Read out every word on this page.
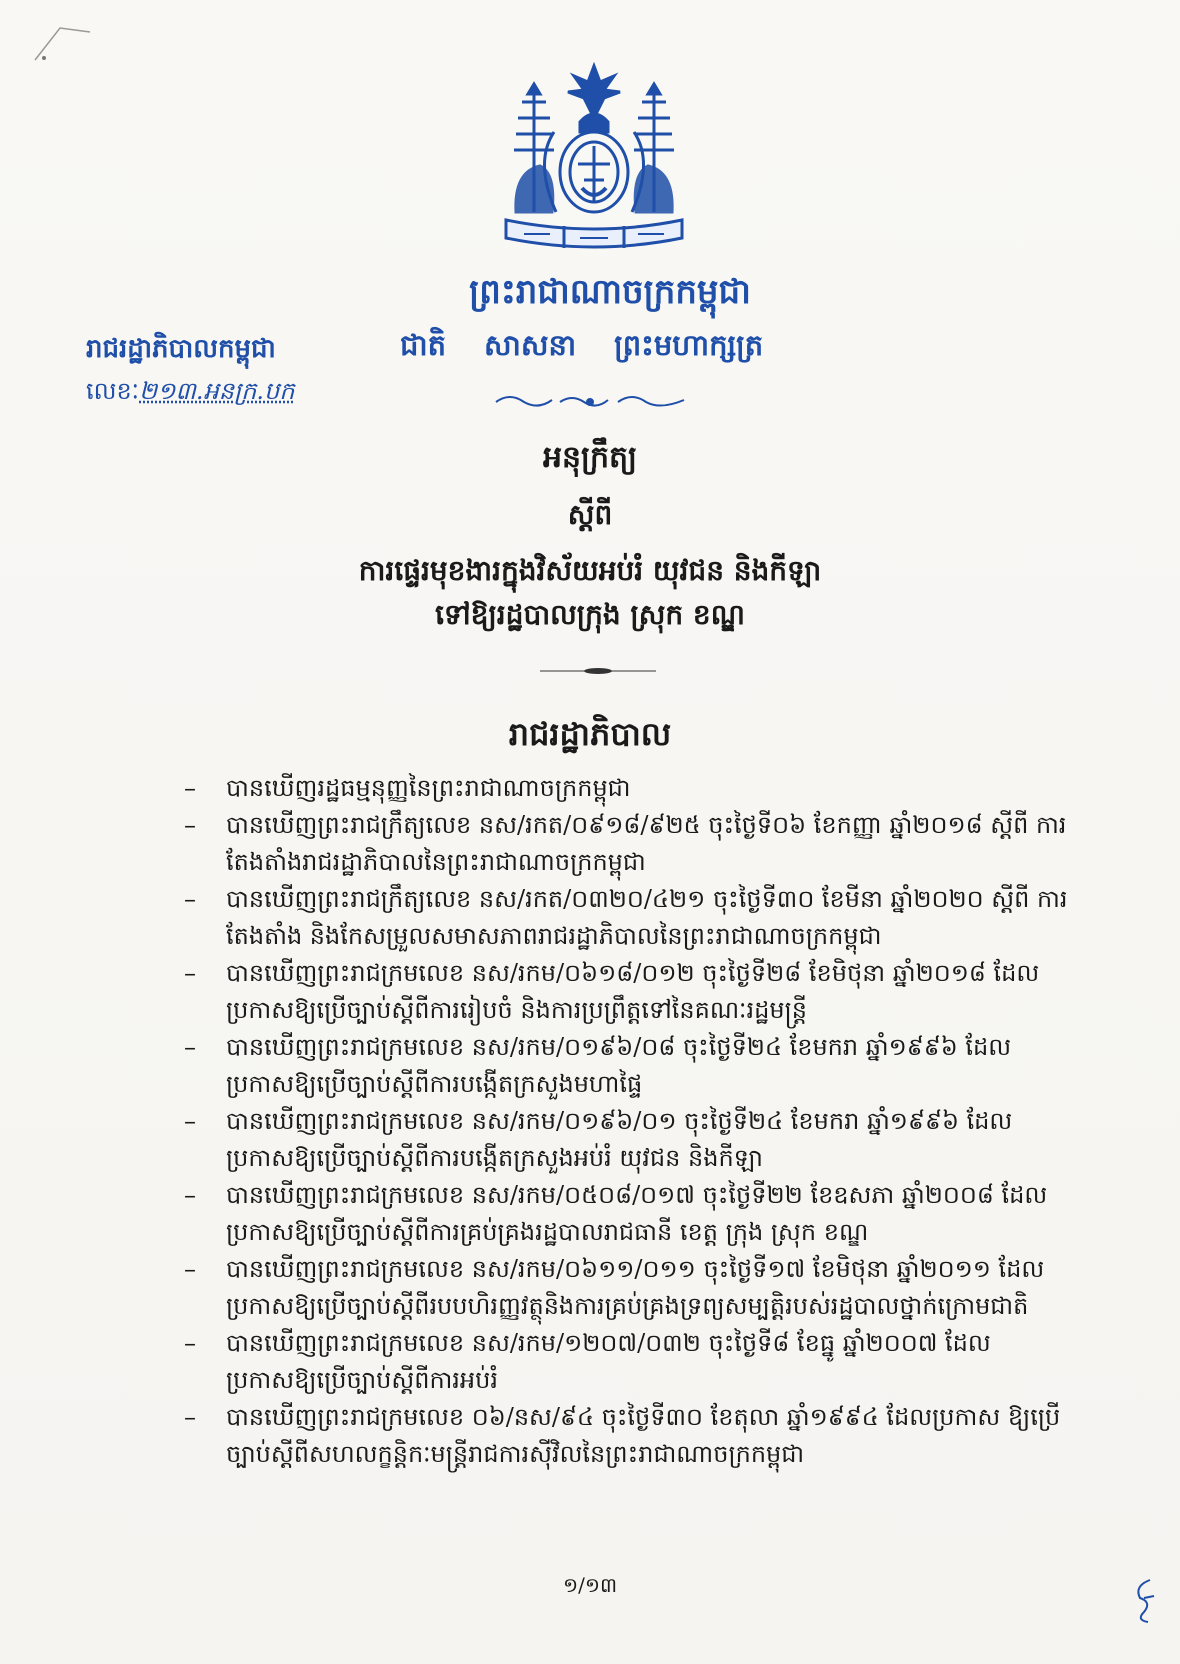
ព្រះរាជាណាចក្រកម្ពុជា
ជាតិ សាសនា ព្រះមហាក្សត្រ
រាជរដ្ឋាភិបាលកម្ពុជា
លេខៈ២១៣.អនក្រ.បក
អនុក្រឹត្យ
ស្តីពី
ការផ្ទេរមុខងារក្នុងវិស័យអប់រំ យុវជន និងកីឡា
ទៅឱ្យរដ្ឋបាលក្រុង ស្រុក ខណ្ឌ
រាជរដ្ឋាភិបាល
– បានឃើញរដ្ឋធម្មនុញ្ញនៃព្រះរាជាណាចក្រកម្ពុជា
– បានឃើញព្រះរាជក្រឹត្យលេខ នស/រកត/០៩១៨/៩២៥ ចុះថ្ងៃទី០៦ ខែកញ្ញា ឆ្នាំ២០១៨ ស្តីពី ការតែងតាំងរាជរដ្ឋាភិបាលនៃព្រះរាជាណាចក្រកម្ពុជា
– បានឃើញព្រះរាជក្រឹត្យលេខ នស/រកត/០៣២០/៤២១ ចុះថ្ងៃទី៣០ ខែមីនា ឆ្នាំ២០២០ ស្តីពី ការតែងតាំង និងកែសម្រួលសមាសភាពរាជរដ្ឋាភិបាលនៃព្រះរាជាណាចក្រកម្ពុជា
– បានឃើញព្រះរាជក្រមលេខ នស/រកម/០៦១៨/០១២ ចុះថ្ងៃទី២៨ ខែមិថុនា ឆ្នាំ២០១៨ ដែល ប្រកាសឱ្យប្រើច្បាប់ស្តីពីការរៀបចំ និងការប្រព្រឹត្តទៅនៃគណៈរដ្ឋមន្ត្រី
– បានឃើញព្រះរាជក្រមលេខ នស/រកម/០១៩៦/០៨ ចុះថ្ងៃទី២៤ ខែមករា ឆ្នាំ១៩៩៦ ដែល ប្រកាសឱ្យប្រើច្បាប់ស្តីពីការបង្កើតក្រសួងមហាផ្ទៃ
– បានឃើញព្រះរាជក្រមលេខ នស/រកម/០១៩៦/០១ ចុះថ្ងៃទី២៤ ខែមករា ឆ្នាំ១៩៩៦ ដែល ប្រកាសឱ្យប្រើច្បាប់ស្តីពីការបង្កើតក្រសួងអប់រំ យុវជន និងកីឡា
– បានឃើញព្រះរាជក្រមលេខ នស/រកម/០៥០៨/០១៧ ចុះថ្ងៃទី២២ ខែឧសភា ឆ្នាំ២០០៨ ដែលប្រកាសឱ្យប្រើច្បាប់ស្តីពីការគ្រប់គ្រងរដ្ឋបាលរាជធានី ខេត្ត ក្រុង ស្រុក ខណ្ឌ
– បានឃើញព្រះរាជក្រមលេខ នស/រកម/០៦១១/០១១ ចុះថ្ងៃទី១៧ ខែមិថុនា ឆ្នាំ២០១១ ដែល ប្រកាសឱ្យប្រើច្បាប់ស្តីពីរបបហិរញ្ញវត្ថុនិងការគ្រប់គ្រងទ្រព្យសម្បត្តិរបស់រដ្ឋបាលថ្នាក់ក្រោមជាតិ
– បានឃើញព្រះរាជក្រមលេខ នស/រកម/១២០៧/០៣២ ចុះថ្ងៃទី៨ ខែធ្នូ ឆ្នាំ២០០៧ ដែល ប្រកាសឱ្យប្រើច្បាប់ស្តីពីការអប់រំ
– បានឃើញព្រះរាជក្រមលេខ ០៦/នស/៩៤ ចុះថ្ងៃទី៣០ ខែតុលា ឆ្នាំ១៩៩៤ ដែលប្រកាស ឱ្យប្រើច្បាប់ស្តីពីសហលក្ខន្តិកៈមន្ត្រីរាជការស៊ីវិលនៃព្រះរាជាណាចក្រកម្ពុជា
១/១៣
